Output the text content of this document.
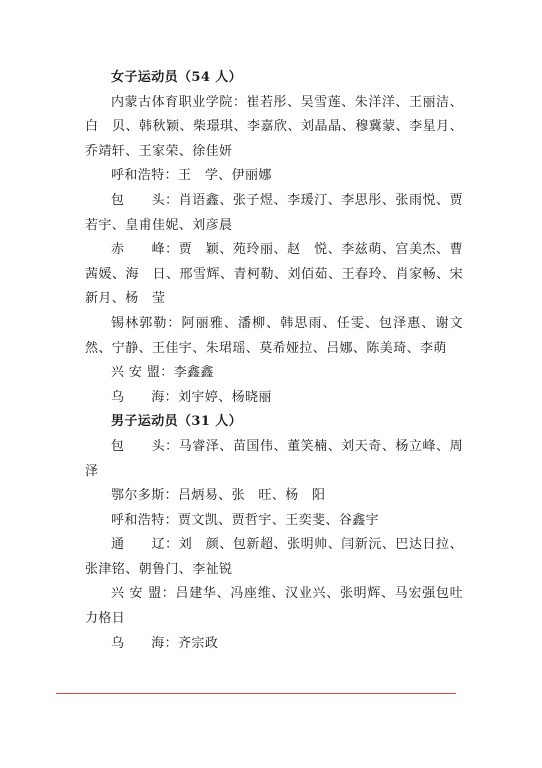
女子运动员（54 人）

内蒙古体育职业学院：崔若彤、吴雪莲、朱洋洋、王丽洁、白　贝、韩秋颖、柴璟琪、李嘉欣、刘晶晶、穆冀蒙、李星月、乔靖轩、王家荣、徐佳妍

呼和浩特：王　学、伊丽娜

包　　头：肖语鑫、张子煜、李瑗汀、李思彤、张雨悦、贾若宇、皇甫佳妮、刘彦晨

赤　　峰：贾　颖、苑玲丽、赵　悦、李兹萌、宫美杰、曹茜媛、海　日、邢雪辉、青柯勒、刘佰茹、王春玲、肖家畅、宋新月、杨　莹

锡林郭勒：阿丽雅、潘柳、韩思雨、任雯、包泽惠、谢文然、宁静、王佳宇、朱珺瑶、莫希娅拉、吕娜、陈美琦、李萌

兴 安 盟：李鑫鑫

乌　　海：刘宇婷、杨晓丽

男子运动员（31 人）

包　　头：马睿泽、苗国伟、董笑楠、刘天奇、杨立峰、周　泽

鄂尔多斯：吕炳易、张　旺、杨　阳

呼和浩特：贾文凯、贾哲宇、王奕斐、谷鑫宇

通　　辽：刘　颜、包新超、张明帅、闫新沅、巴达日拉、张津铭、朝鲁门、李祉锐

兴 安 盟：吕建华、冯座维、汉业兴、张明辉、马宏强包吐力格日

乌　　海：齐宗政
